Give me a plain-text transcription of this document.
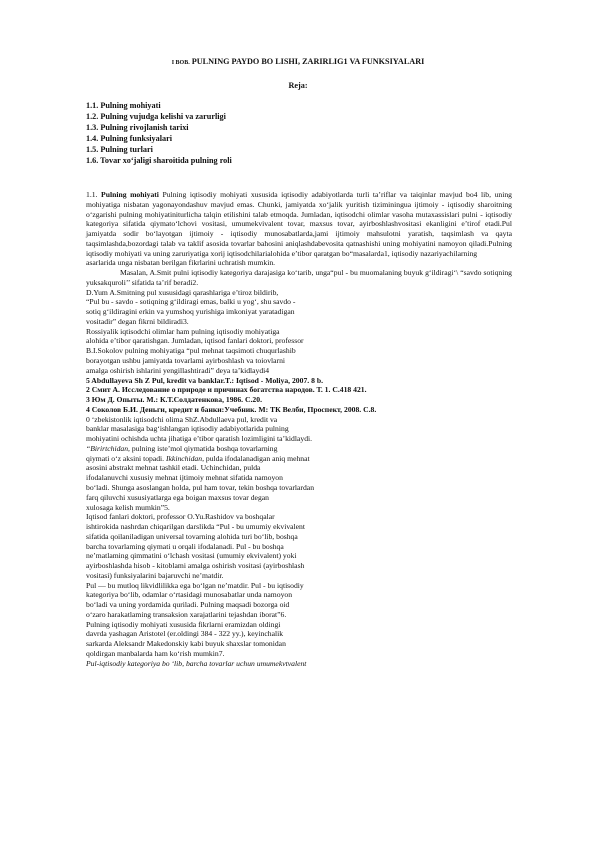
I BOB. PULNING PAYDO BO LISHI, ZARIRLIG1 VA FUNKSIYALARI
Reja:
1.1. Pulning mohiyati
1.2. Pulning vujudga kelishi va zarurligi
1.3. Pulning rivojlanish tarixi
1.4. Pulning funksiyalari
1.5. Pulning turlari
1.6. Tovar xo‘jaligi sharoitida pulning roli
1.1. Pulning mohiyati Pulning iqtisodiy mohiyati xususida iqtisodiy adabiyotlarda turli ta’riflar va taiqinlar mavjud bo4 lib, uning mohiyatiga nisbatan yagonayondashuv mavjud emas. Chunki, jamiyatda xo‘jalik yuritish tizimininguа ijtimoiy - iqtisodiy sharoitning o‘zgarishi pulning mohiyatiniturlicha talqin etilishini talab etmoqda. Jumladan, iqtisodchi olimlar vasoha mutaxassislari pulni - iqtisodiy kategoriya sifatida qiymato‘lchovi vositasi, umumekvivalent tovar, maxsus tovar, ayirboshlashvositasi ekanligini e’tirof etadi.Pul jamiyatda sodir bo‘layotgan ijtimoiy - iqtisodiy munosabatlarda,jami ijtimoiy mahsulotni yaratish, taqsimlash va qayta taqsimlashda,bozordagi talab va taklif asosida tovarlar bahosini aniqlashdabevosita qatnashishi uning mohiyatini namoyon qiladi.Pulning iqtisodiy mohiyati va uning zaruriyatiga xorij iqtisodchilarialohida e’tibor qaratgan bo“masalarda1, iqtisodiy nazariyachilarning
asarlarida unga nisbatan berilgan fikrlarini uchratish mumkin.
Masalan, A.Smit pulni iqtisodiy kategoriya darajasiga ko‘tarib, unga“pul - bu muomalaning buyuk g‘ildiragi‘\ “savdo sotiqning yuksakquroli’’ sifatida ta’rif beradi2.
D.Yum A.Smitning pul xususidagi qarashlariga e’tiroz bildirib,
“Pul bu - savdo - sotiqning g‘ildiragi emas, balki u yog‘, shu savdo -
sotiq g‘ildiragini erkin va yumshoq yurishiga imkoniyat yaratadigan
vositadir” degan fikrni bildiradi3.
Rossiyalik iqtisodchi olimlar ham pulning iqtisodiy mohiyatiga
alohida e’tibor qaratishgan. Jumladan, iqtisod fanlari doktori, professor
B.I.Sokolov pulning mohiyatiga “pul mehnat taqsimoti chuqurlashib
borayotgan ushbu jamiyatda tovarlami ayirboshlash va toiovlarni
amalga oshirish ishlarini yengillashtiradi” deya ta’kidlaydi4
5 Abdullayeva Sh Z Pul, kredit va banklar.T.: Iqtisod - Moliya, 2007. 8 b.
2 Смит А. Исследование о природе и причинах богатства народов. Т. 1. С.418 421.
3 Юм Д. Опыты. М.: К.Т.Солдатенкова, 1986. С.20.
4 Соколов Б.И. Деньги, кредит и банки:Учебник. М: ТК Велби, Проспект, 2008. С.8.
0 ‘zbekistonlik iqtisodchi olima ShZ.Abdullaeva pul, kredit va
banklar masalasiga bag‘ishlangan iqtisodiy adabiyotlarida pulning
mohiyatini ochishda uchta jihatiga e’tibor qaratish lozimligini ta’kidlaydi.
“Birirtchidan, pulning iste’mol qiymatida boshqa tovarlarning
qiymati o‘z aksini topadi. Ikkinchidan, pulda ifodalanadigan aniq mehnat
asosini abstrakt mehnat tashkil etadi. Uchinchidan, pulda
ifodalanuvchi xususiy mehnat ijtimoiy mehnat sifatida namoyon
bo‘ladi. Shunga asoslangan holda, pul ham tovar, tekin boshqa tovarlardan
farq qiluvchi xususiyatlarga ega boigan maxsus tovar degan
xulosaga kelish mumkin”5.
Iqtisod fanlari doktori, professor O.Yu.Rashidov va boshqalar
ishtirokida nashrdan chiqarilgan darslikda “Pul - bu umumiy ekvivalent
sifatida qoilaniladigan universal tovarning alohida turi bo‘lib, boshqa
barcha tovarlaming qiymati u orqali ifodalanadi. Pul - bu boshqa
ne’matlaming qimmatini o‘lchash vositasi (umumiy ekvivalent) yoki
ayirboshlashda hisob - kitoblami amalga oshirish vositasi (ayirboshlash
vositasi) funksiyalarini bajaruvchi ne’matdir.
Pul — bu mutloq likvidlilikka ega bo‘lgan ne’matdir. Pul - bu iqtisodiy
kategoriya bo‘lib, odamlar o‘rtasidagi munosabatlar unda namoyon
bo‘ladi va uning yordamida quriladi. Pulning maqsadi bozorga oid
o‘zaro harakatlaming transaksion xarajatlarini tejashdan iborat”6.
Pulning iqtisodiy mohiyati xususida fikrlarni eramizdan oldingi
davrda yashagan Aristotel (er.oldingi 384 - 322 yy.), keyinchalik
sarkarda Aleksandr Makedonskiy kabi buyuk shaxslar tomonidan
qoldirgan manbalarda ham ko‘rish mumkin7.
Pul-iqtisodiy kategoriya bo ‘lib, barcha tovarlar uchun umumekvtvalent
